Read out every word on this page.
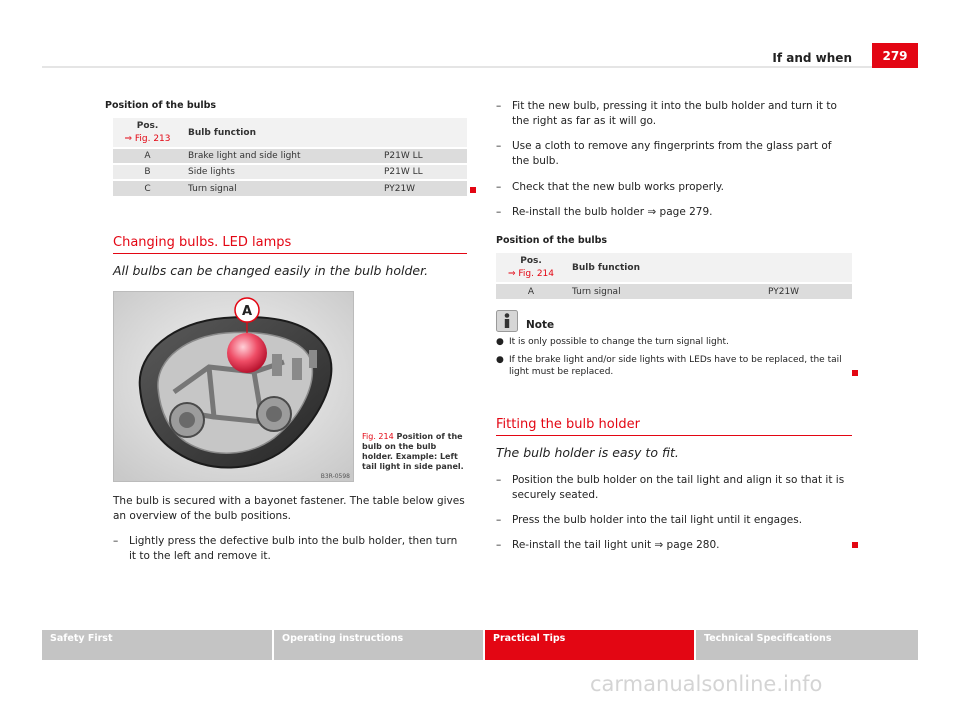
If and when	279
Position of the bulbs
Pos.
⇒ Fig. 213	Bulb function	
A	Brake light and side light	P21W LL
B	Side lights	P21W LL
C	Turn signal	PY21W
Changing bulbs. LED lamps
All bulbs can be changed easily in the bulb holder.
A
B3R-0598
Fig. 214 Position of the bulb on the bulb holder. Example: Left tail light in side panel.
The bulb is secured with a bayonet fastener. The table below gives an overview of the bulb positions.
– Lightly press the defective bulb into the bulb holder, then turn it to the left and remove it.
– Fit the new bulb, pressing it into the bulb holder and turn it to the right as far as it will go.
– Use a cloth to remove any fingerprints from the glass part of the bulb.
– Check that the new bulb works properly.
– Re-install the bulb holder ⇒ page 279.
Position of the bulbs
Pos.
⇒ Fig. 214	Bulb function	
A	Turn signal	PY21W
Note
● It is only possible to change the turn signal light.
● If the brake light and/or side lights with LEDs have to be replaced, the tail light must be replaced.
Fitting the bulb holder
The bulb holder is easy to fit.
– Position the bulb holder on the tail light and align it so that it is securely seated.
– Press the bulb holder into the tail light until it engages.
– Re-install the tail light unit ⇒ page 280.
Safety First	Operating instructions	Practical Tips	Technical Specifications
carmanualsonline.info
